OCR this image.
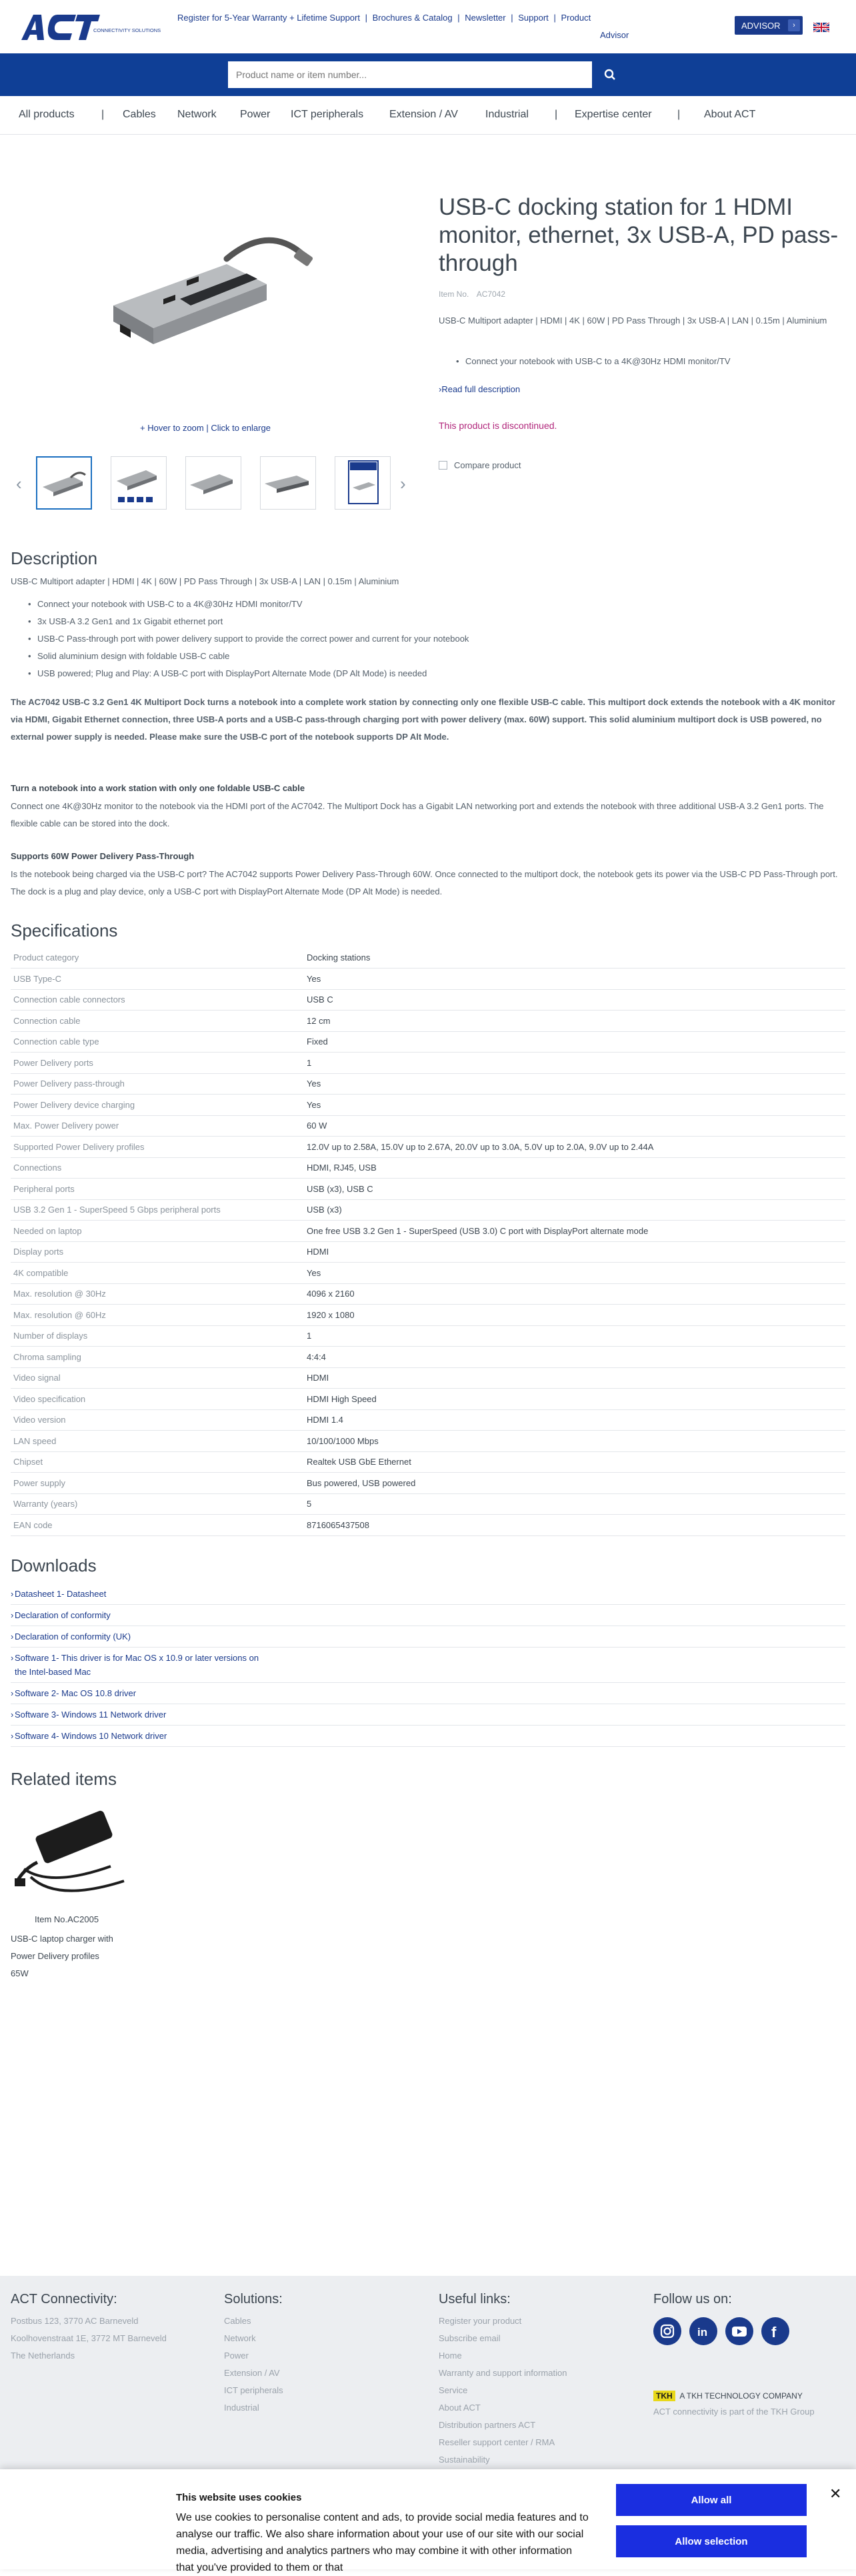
CONNECTIVITY SOLUTIONS
Register for 5-Year Warranty + Lifetime Support | Brochures & Catalog | Newsletter | Support | Product
Advisor
ADVISOR	›
Product name or item number...
All products	| Cables Network Power ICT peripherals Extension / AV	Industrial | Expertise center | About ACT
+ Hover to zoom | Click to enlarge
‹	›
USB-C docking station for 1 HDMI monitor, ethernet, 3x USB-A, PD pass-through
Item No. AC7042
USB-C Multiport adapter | HDMI | 4K | 60W | PD Pass Through | 3x USB-A | LAN | 0.15m | Aluminium
• Connect your notebook with USB-C to a 4K@30Hz HDMI monitor/TV
›Read full description
This product is discontinued.
Compare product
Description
USB-C Multiport adapter | HDMI | 4K | 60W | PD Pass Through | 3x USB-A | LAN | 0.15m | Aluminium
• Connect your notebook with USB-C to a 4K@30Hz HDMI monitor/TV
• 3x USB-A 3.2 Gen1 and 1x Gigabit ethernet port
• USB-C Pass-through port with power delivery support to provide the correct power and current for your notebook
• Solid aluminium design with foldable USB-C cable
• USB powered; Plug and Play: A USB-C port with DisplayPort Alternate Mode (DP Alt Mode) is needed
The AC7042 USB-C 3.2 Gen1 4K Multiport Dock turns a notebook into a complete work station by connecting only one flexible USB-C cable. This multiport dock extends the notebook with a 4K monitor via HDMI, Gigabit Ethernet connection, three USB-A ports and a USB-C pass-through charging port with power delivery (max. 60W) support. This solid aluminium multiport dock is USB powered, no external power supply is needed. Please make sure the USB-C port of the notebook supports DP Alt Mode.
Turn a notebook into a work station with only one foldable USB-C cable
Connect one 4K@30Hz monitor to the notebook via the HDMI port of the AC7042. The Multiport Dock has a Gigabit LAN networking port and extends the notebook with three additional USB-A 3.2 Gen1 ports. The flexible cable can be stored into the dock.
Supports 60W Power Delivery Pass-Through
Is the notebook being charged via the USB-C port? The AC7042 supports Power Delivery Pass-Through 60W. Once connected to the multiport dock, the notebook gets its power via the USB-C PD Pass-Through port. The dock is a plug and play device, only a USB-C port with DisplayPort Alternate Mode (DP Alt Mode) is needed.
Specifications
Product category	Docking stations
USB Type-C	Yes
Connection cable connectors	USB C
Connection cable	12 cm
Connection cable type	Fixed
Power Delivery ports	1
Power Delivery pass-through	Yes
Power Delivery device charging	Yes
Max. Power Delivery power	60 W
Supported Power Delivery profiles	12.0V up to 2.58A, 15.0V up to 2.67A, 20.0V up to 3.0A, 5.0V up to 2.0A, 9.0V up to 2.44A
Connections	HDMI, RJ45, USB
Peripheral ports	USB (x3), USB C
USB 3.2 Gen 1 - SuperSpeed 5 Gbps peripheral ports	USB (x3)
Needed on laptop	One free USB 3.2 Gen 1 - SuperSpeed (USB 3.0) C port with DisplayPort alternate mode
Display ports	HDMI
4K compatible	Yes
Max. resolution @ 30Hz	4096 x 2160
Max. resolution @ 60Hz	1920 x 1080
Number of displays	1
Chroma sampling	4:4:4
Video signal	HDMI
Video specification	HDMI High Speed
Video version	HDMI 1.4
LAN speed	10/100/1000 Mbps
Chipset	Realtek USB GbE Ethernet
Power supply	Bus powered, USB powered
Warranty (years)	5
EAN code	8716065437508
Downloads
› Datasheet 1- Datasheet
› Declaration of conformity
› Declaration of conformity (UK)
› Software 1- This driver is for Mac OS x 10.9 or later versions on
the Intel-based Mac
› Software 2- Mac OS 10.8 driver
› Software 3- Windows 11 Network driver
› Software 4- Windows 10 Network driver
Related items
Item No.AC2005
USB-C laptop charger with
Power Delivery profiles
65W
ACT Connectivity:
Postbus 123, 3770 AC Barneveld
Koolhovenstraat 1E, 3772 MT Barneveld
The Netherlands
Solutions:
Cables
Network
Power
Extension / AV
ICT peripherals
Industrial
Useful links:
Register your product
Subscribe email
Home
Warranty and support information
Service
About ACT
Distribution partners ACT
Reseller support center / RMA
Sustainability
Follow us on:

in
	f
TKH A TKH TECHNOLOGY COMPANY
ACT connectivity is part of the TKH Group
This website uses cookies
We use cookies to personalise content and ads, to provide social media features and to analyse our traffic. We also share information about your use of our site with our social media, advertising and analytics partners who may combine it with other information that you've provided to them or that
Allow all
Allow selection
✕
